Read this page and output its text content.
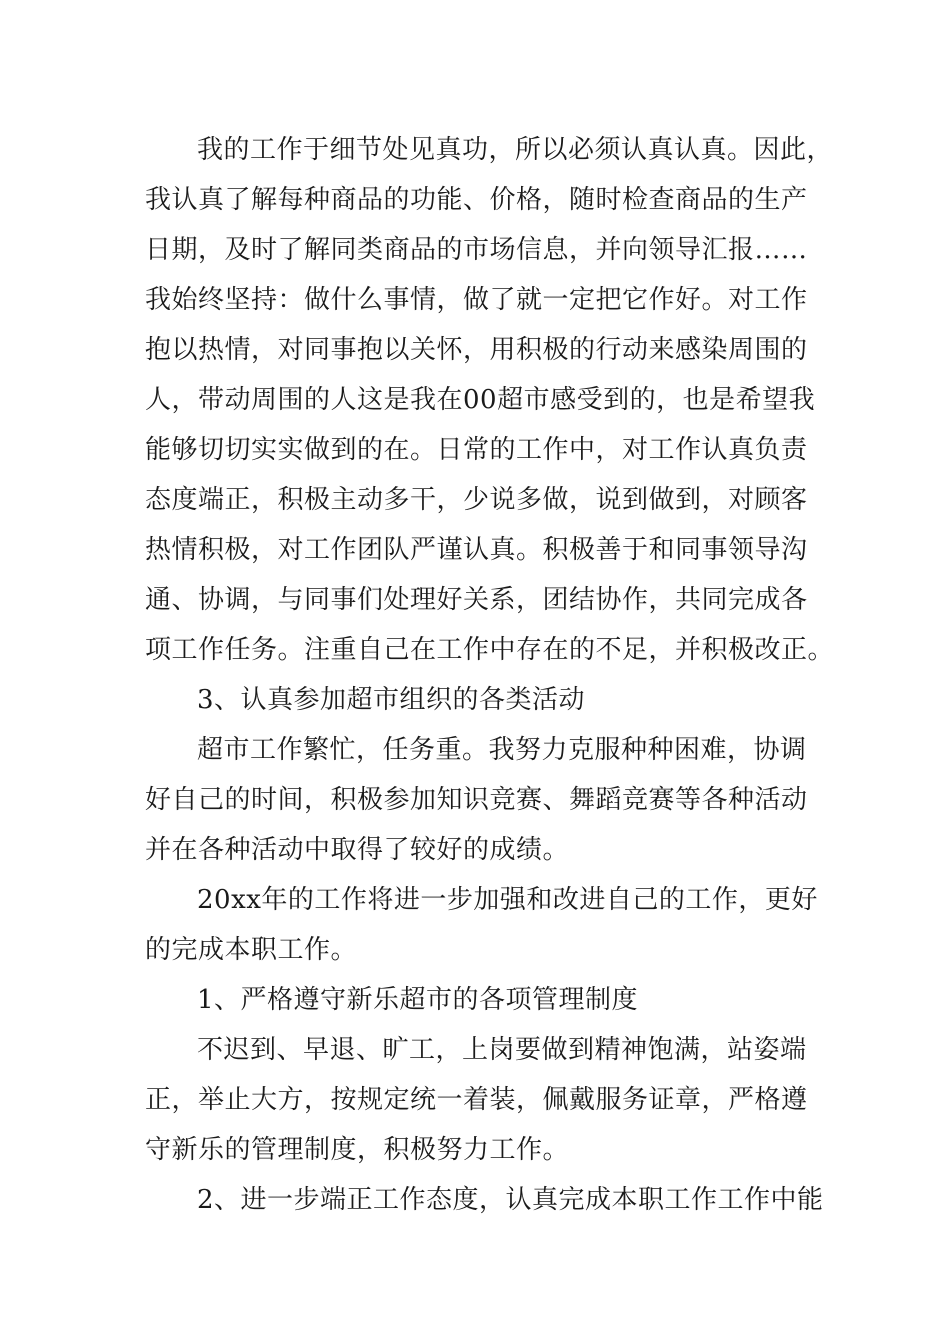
我的工作于细节处见真功，所以必须认真认真。因此，
我认真了解每种商品的功能、价格，随时检查商品的生产
日期，及时了解同类商品的市场信息，并向领导汇报……
我始终坚持：做什么事情，做了就一定把它作好。对工作
抱以热情，对同事抱以关怀，用积极的行动来感染周围的
人，带动周围的人这是我在00超市感受到的，也是希望我
能够切切实实做到的在。日常的工作中，对工作认真负责
态度端正，积极主动多干，少说多做，说到做到，对顾客
热情积极，对工作团队严谨认真。积极善于和同事领导沟
通、协调，与同事们处理好关系，团结协作，共同完成各
项工作任务。注重自己在工作中存在的不足，并积极改正。
3、认真参加超市组织的各类活动
超市工作繁忙，任务重。我努力克服种种困难，协调
好自己的时间，积极参加知识竞赛、舞蹈竞赛等各种活动
并在各种活动中取得了较好的成绩。
20xx年的工作将进一步加强和改进自己的工作，更好
的完成本职工作。
1、严格遵守新乐超市的各项管理制度
不迟到、早退、旷工，上岗要做到精神饱满，站姿端
正，举止大方，按规定统一着装，佩戴服务证章，严格遵
守新乐的管理制度，积极努力工作。
2、进一步端正工作态度，认真完成本职工作工作中能
